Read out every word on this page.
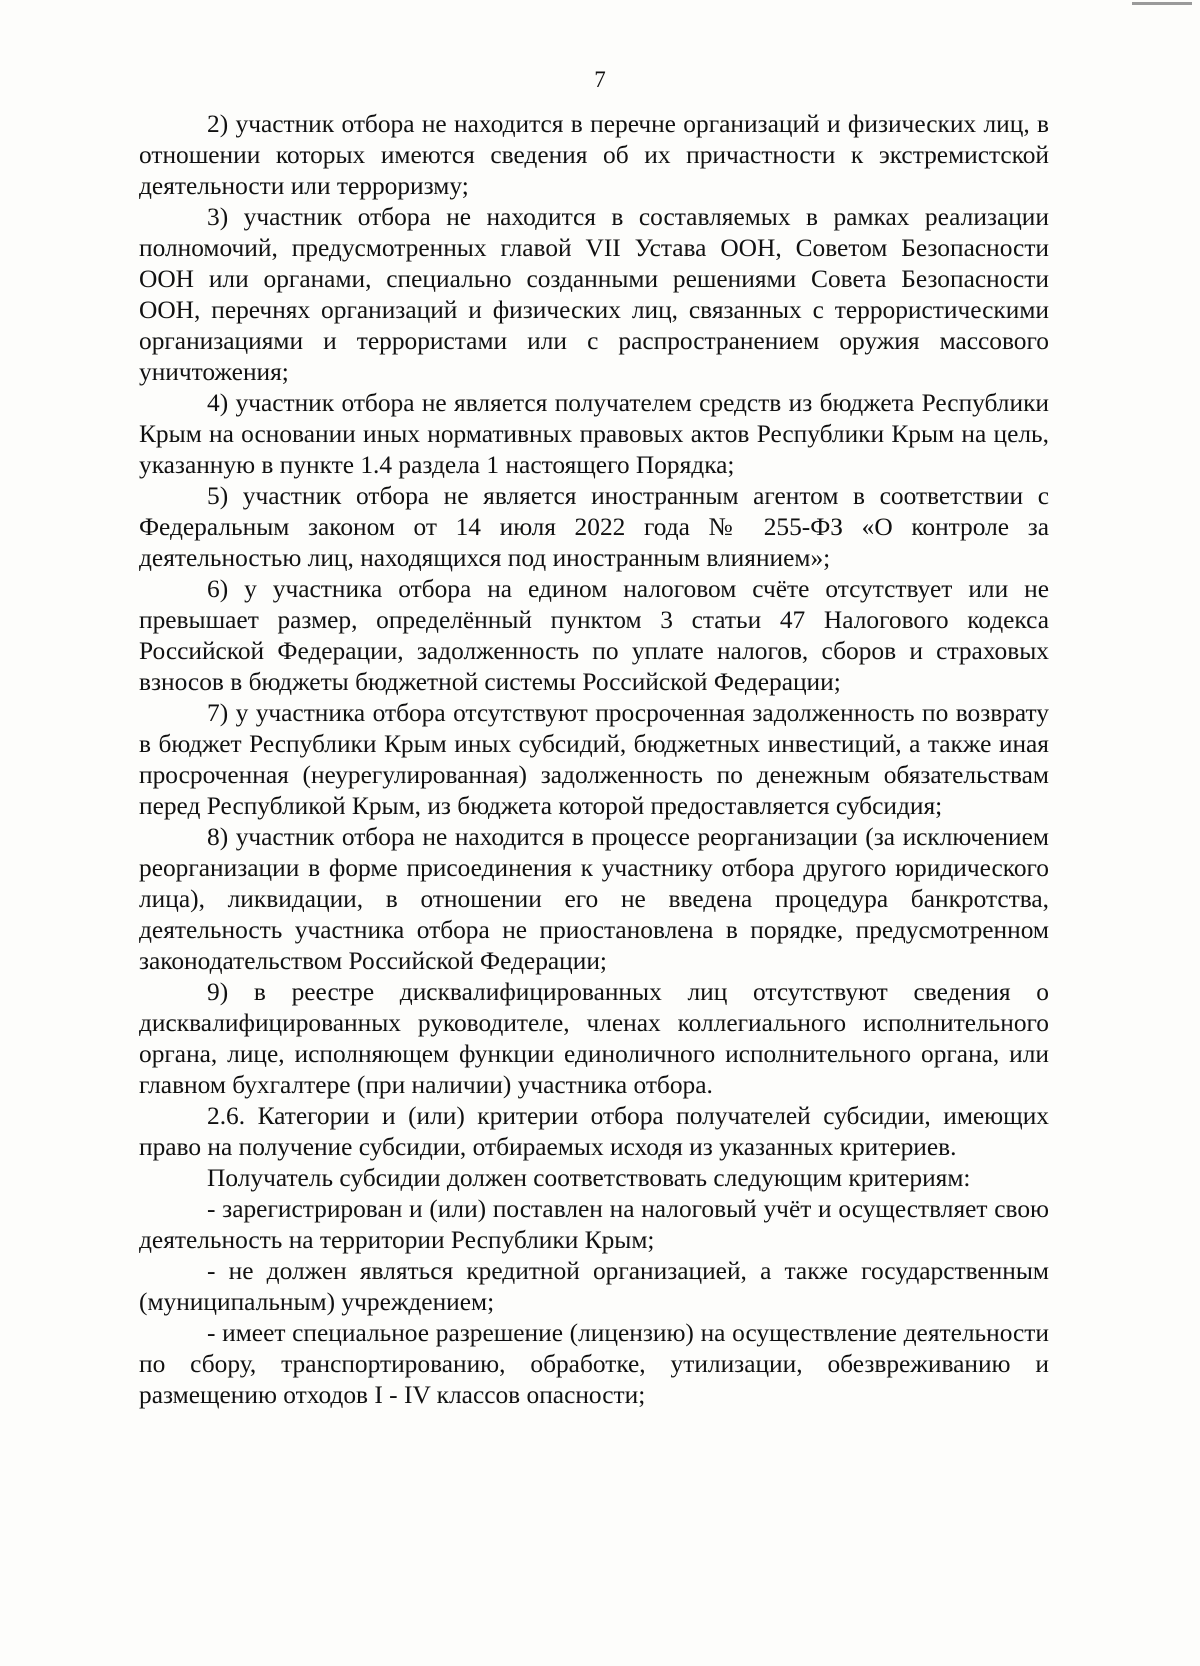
7

2) участник отбора не находится в перечне организаций и физических лиц, в отношении которых имеются сведения об их причастности к экстремистской деятельности или терроризму;

3) участник отбора не находится в составляемых в рамках реализации полномочий, предусмотренных главой VII Устава ООН, Советом Безопасности ООН или органами, специально созданными решениями Совета Безопасности ООН, перечнях организаций и физических лиц, связанных с террористическими организациями и террористами или с распространением оружия массового уничтожения;

4) участник отбора не является получателем средств из бюджета Республики Крым на основании иных нормативных правовых актов Республики Крым на цель, указанную в пункте 1.4 раздела 1 настоящего Порядка;

5) участник отбора не является иностранным агентом в соответствии с Федеральным законом от 14 июля 2022 года № 255-ФЗ «О контроле за деятельностью лиц, находящихся под иностранным влиянием»;

6) у участника отбора на едином налоговом счёте отсутствует или не превышает размер, определённый пунктом 3 статьи 47 Налогового кодекса Российской Федерации, задолженность по уплате налогов, сборов и страховых взносов в бюджеты бюджетной системы Российской Федерации;

7) у участника отбора отсутствуют просроченная задолженность по возврату в бюджет Республики Крым иных субсидий, бюджетных инвестиций, а также иная просроченная (неурегулированная) задолженность по денежным обязательствам перед Республикой Крым, из бюджета которой предоставляется субсидия;

8) участник отбора не находится в процессе реорганизации (за исключением реорганизации в форме присоединения к участнику отбора другого юридического лица), ликвидации, в отношении его не введена процедура банкротства, деятельность участника отбора не приостановлена в порядке, предусмотренном законодательством Российской Федерации;

9) в реестре дисквалифицированных лиц отсутствуют сведения о дисквалифицированных руководителе, членах коллегиального исполнительного органа, лице, исполняющем функции единоличного исполнительного органа, или главном бухгалтере (при наличии) участника отбора.

2.6. Категории и (или) критерии отбора получателей субсидии, имеющих право на получение субсидии, отбираемых исходя из указанных критериев.

Получатель субсидии должен соответствовать следующим критериям:

- зарегистрирован и (или) поставлен на налоговый учёт и осуществляет свою деятельность на территории Республики Крым;

- не должен являться кредитной организацией, а также государственным (муниципальным) учреждением;

- имеет специальное разрешение (лицензию) на осуществление деятельности по сбору, транспортированию, обработке, утилизации, обезвреживанию и размещению отходов I - IV классов опасности;
